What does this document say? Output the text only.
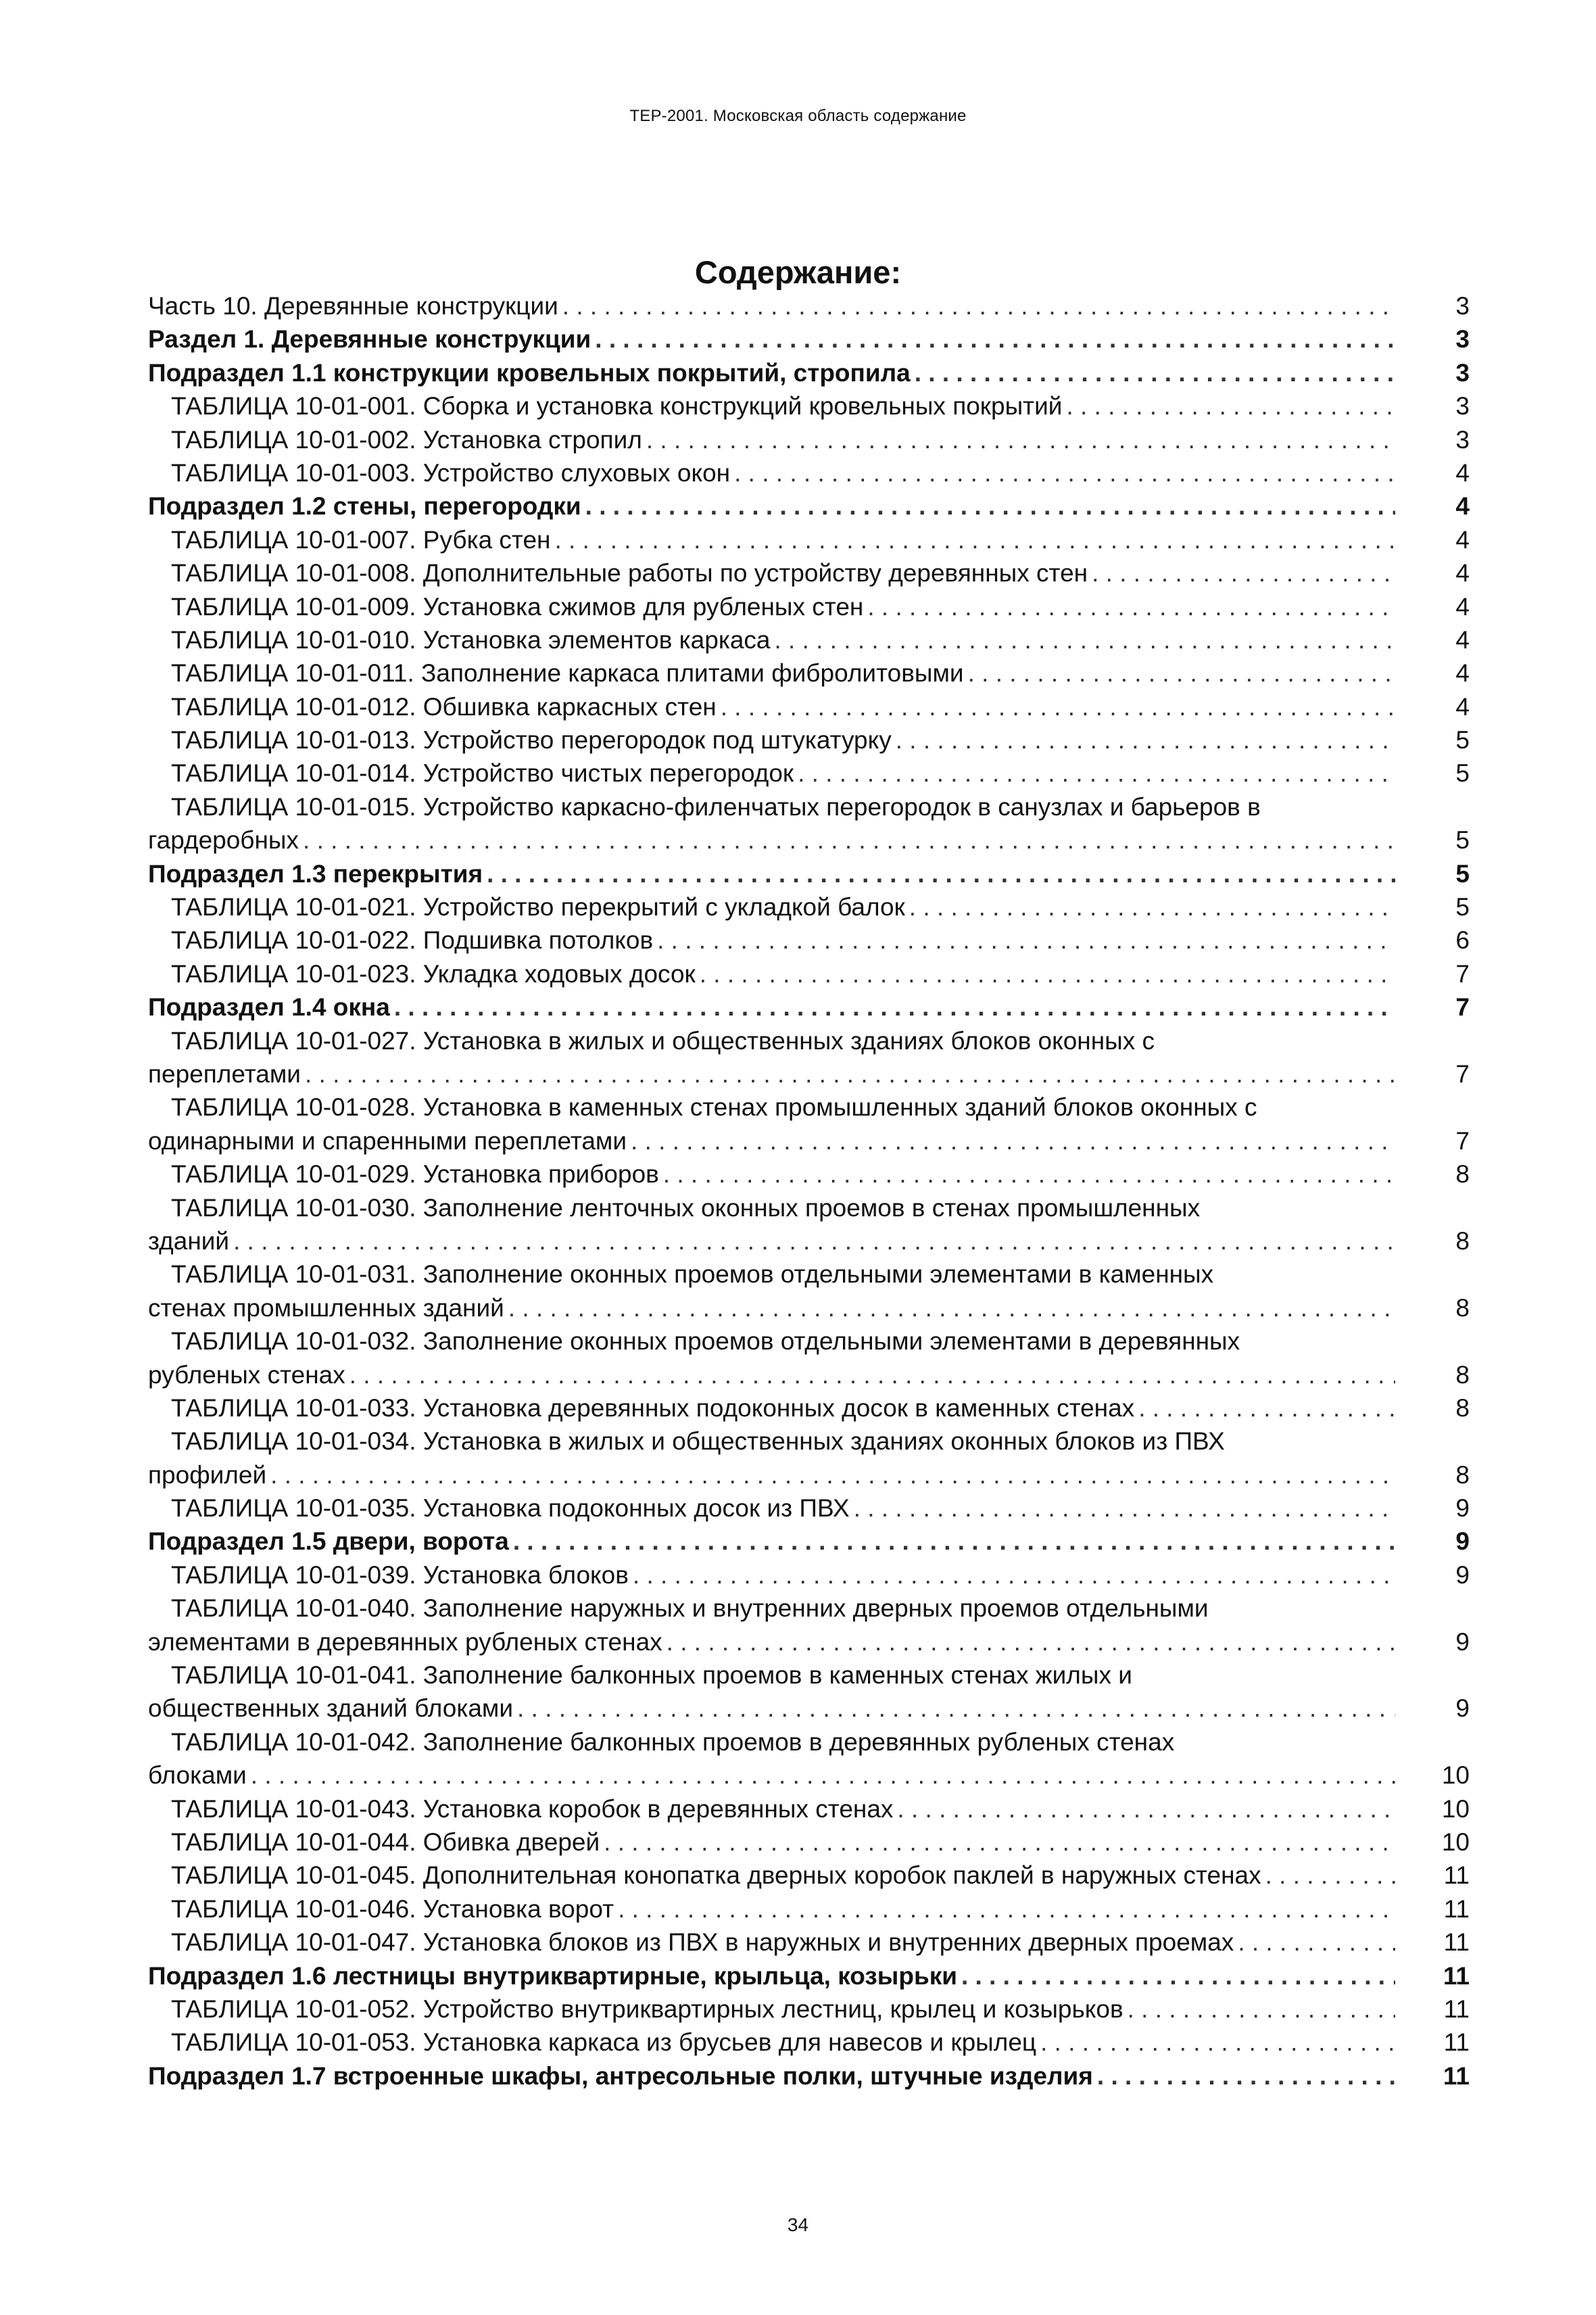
ТЕР-2001. Московская область содержание
Содержание:
Часть 10. Деревянные конструкции . . .	3
Раздел 1. Деревянные конструкции . . .	3
Подраздел 1.1 конструкции кровельных покрытий, стропила . . .	3
ТАБЛИЦА 10-01-001. Сборка и установка конструкций кровельных покрытий . . .	3
ТАБЛИЦА 10-01-002. Установка стропил . . .	3
ТАБЛИЦА 10-01-003. Устройство слуховых окон . . .	4
Подраздел 1.2 стены, перегородки . . .	4
ТАБЛИЦА 10-01-007. Рубка стен . . .	4
ТАБЛИЦА 10-01-008. Дополнительные работы по устройству деревянных стен . . .	4
ТАБЛИЦА 10-01-009. Установка сжимов для рубленых стен . . .	4
ТАБЛИЦА 10-01-010. Установка элементов каркаса . . .	4
ТАБЛИЦА 10-01-011. Заполнение каркаса плитами фибролитовыми . . .	4
ТАБЛИЦА 10-01-012. Обшивка каркасных стен . . .	4
ТАБЛИЦА 10-01-013. Устройство перегородок под штукатурку . . .	5
ТАБЛИЦА 10-01-014. Устройство чистых перегородок . . .	5
ТАБЛИЦА 10-01-015. Устройство каркасно-филенчатых перегородок в санузлах и барьеров в
гардеробных . . .	5
Подраздел 1.3 перекрытия . . .	5
ТАБЛИЦА 10-01-021. Устройство перекрытий с укладкой балок . . .	5
ТАБЛИЦА 10-01-022. Подшивка потолков . . .	6
ТАБЛИЦА 10-01-023. Укладка ходовых досок . . .	7
Подраздел 1.4 окна . . .	7
ТАБЛИЦА 10-01-027. Установка в жилых и общественных зданиях блоков оконных с
переплетами . . .	7
ТАБЛИЦА 10-01-028. Установка в каменных стенах промышленных зданий блоков оконных с
одинарными и спаренными переплетами . . .	7
ТАБЛИЦА 10-01-029. Установка приборов . . .	8
ТАБЛИЦА 10-01-030. Заполнение ленточных оконных проемов в стенах промышленных
зданий . . .	8
ТАБЛИЦА 10-01-031. Заполнение оконных проемов отдельными элементами в каменных
стенах промышленных зданий . . .	8
ТАБЛИЦА 10-01-032. Заполнение оконных проемов отдельными элементами в деревянных
рубленых стенах . . .	8
ТАБЛИЦА 10-01-033. Установка деревянных подоконных досок в каменных стенах . . .	8
ТАБЛИЦА 10-01-034. Установка в жилых и общественных зданиях оконных блоков из ПВХ
профилей . . .	8
ТАБЛИЦА 10-01-035. Установка подоконных досок из ПВХ . . .	9
Подраздел 1.5 двери, ворота . . .	9
ТАБЛИЦА 10-01-039. Установка блоков . . .	9
ТАБЛИЦА 10-01-040. Заполнение наружных и внутренних дверных проемов отдельными
элементами в деревянных рубленых стенах . . .	9
ТАБЛИЦА 10-01-041. Заполнение балконных проемов в каменных стенах жилых и
общественных зданий блоками . . .	9
ТАБЛИЦА 10-01-042. Заполнение балконных проемов в деревянных рубленых стенах
блоками . . .	10
ТАБЛИЦА 10-01-043. Установка коробок в деревянных стенах . . .	10
ТАБЛИЦА 10-01-044. Обивка дверей . . .	10
ТАБЛИЦА 10-01-045. Дополнительная конопатка дверных коробок паклей в наружных стенах . . .	11
ТАБЛИЦА 10-01-046. Установка ворот . . .	11
ТАБЛИЦА 10-01-047. Установка блоков из ПВХ в наружных и внутренних дверных проемах . . .	11
Подраздел 1.6 лестницы внутриквартирные, крыльца, козырьки . . .	11
ТАБЛИЦА 10-01-052. Устройство внутриквартирных лестниц, крылец и козырьков . . .	11
ТАБЛИЦА 10-01-053. Установка каркаса из брусьев для навесов и крылец . . .	11
Подраздел 1.7 встроенные шкафы, антресольные полки, штучные изделия . . .	11
34
